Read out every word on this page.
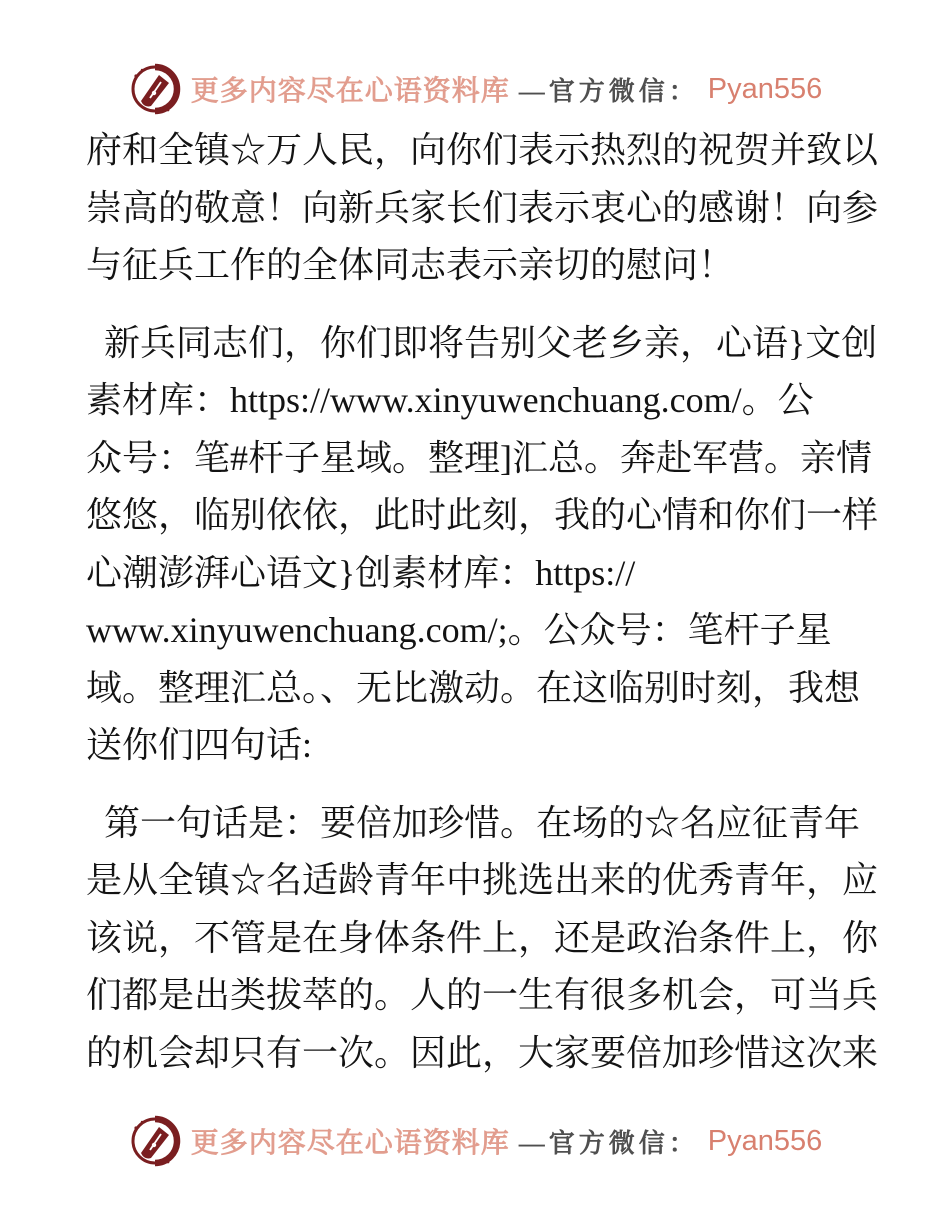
更多内容尽在心语资料库 —官方微信： Pyan556
府和全镇☆万人民，向你们表示热烈的祝贺并致以
崇高的敬意！向新兵家长们表示衷心的感谢！向参
与征兵工作的全体同志表示亲切的慰问！
新兵同志们，你们即将告别父老乡亲，心语}文创
素材库：https://www.xinyuwenchuang.com/。公
众号：笔#杆子星域。整理]汇总。奔赴军营。亲情
悠悠，临别依依，此时此刻，我的心情和你们一样
心潮澎湃心语文}创素材库：https://
www.xinyuwenchuang.com/;。公众号：笔杆子星
域。整理汇总。、无比激动。在这临别时刻，我想
送你们四句话:
第一句话是：要倍加珍惜。在场的☆名应征青年
是从全镇☆名适龄青年中挑选出来的优秀青年，应
该说，不管是在身体条件上，还是政治条件上，你
们都是出类拔萃的。人的一生有很多机会，可当兵
的机会却只有一次。因此，大家要倍加珍惜这次来
更多内容尽在心语资料库 —官方微信： Pyan556
